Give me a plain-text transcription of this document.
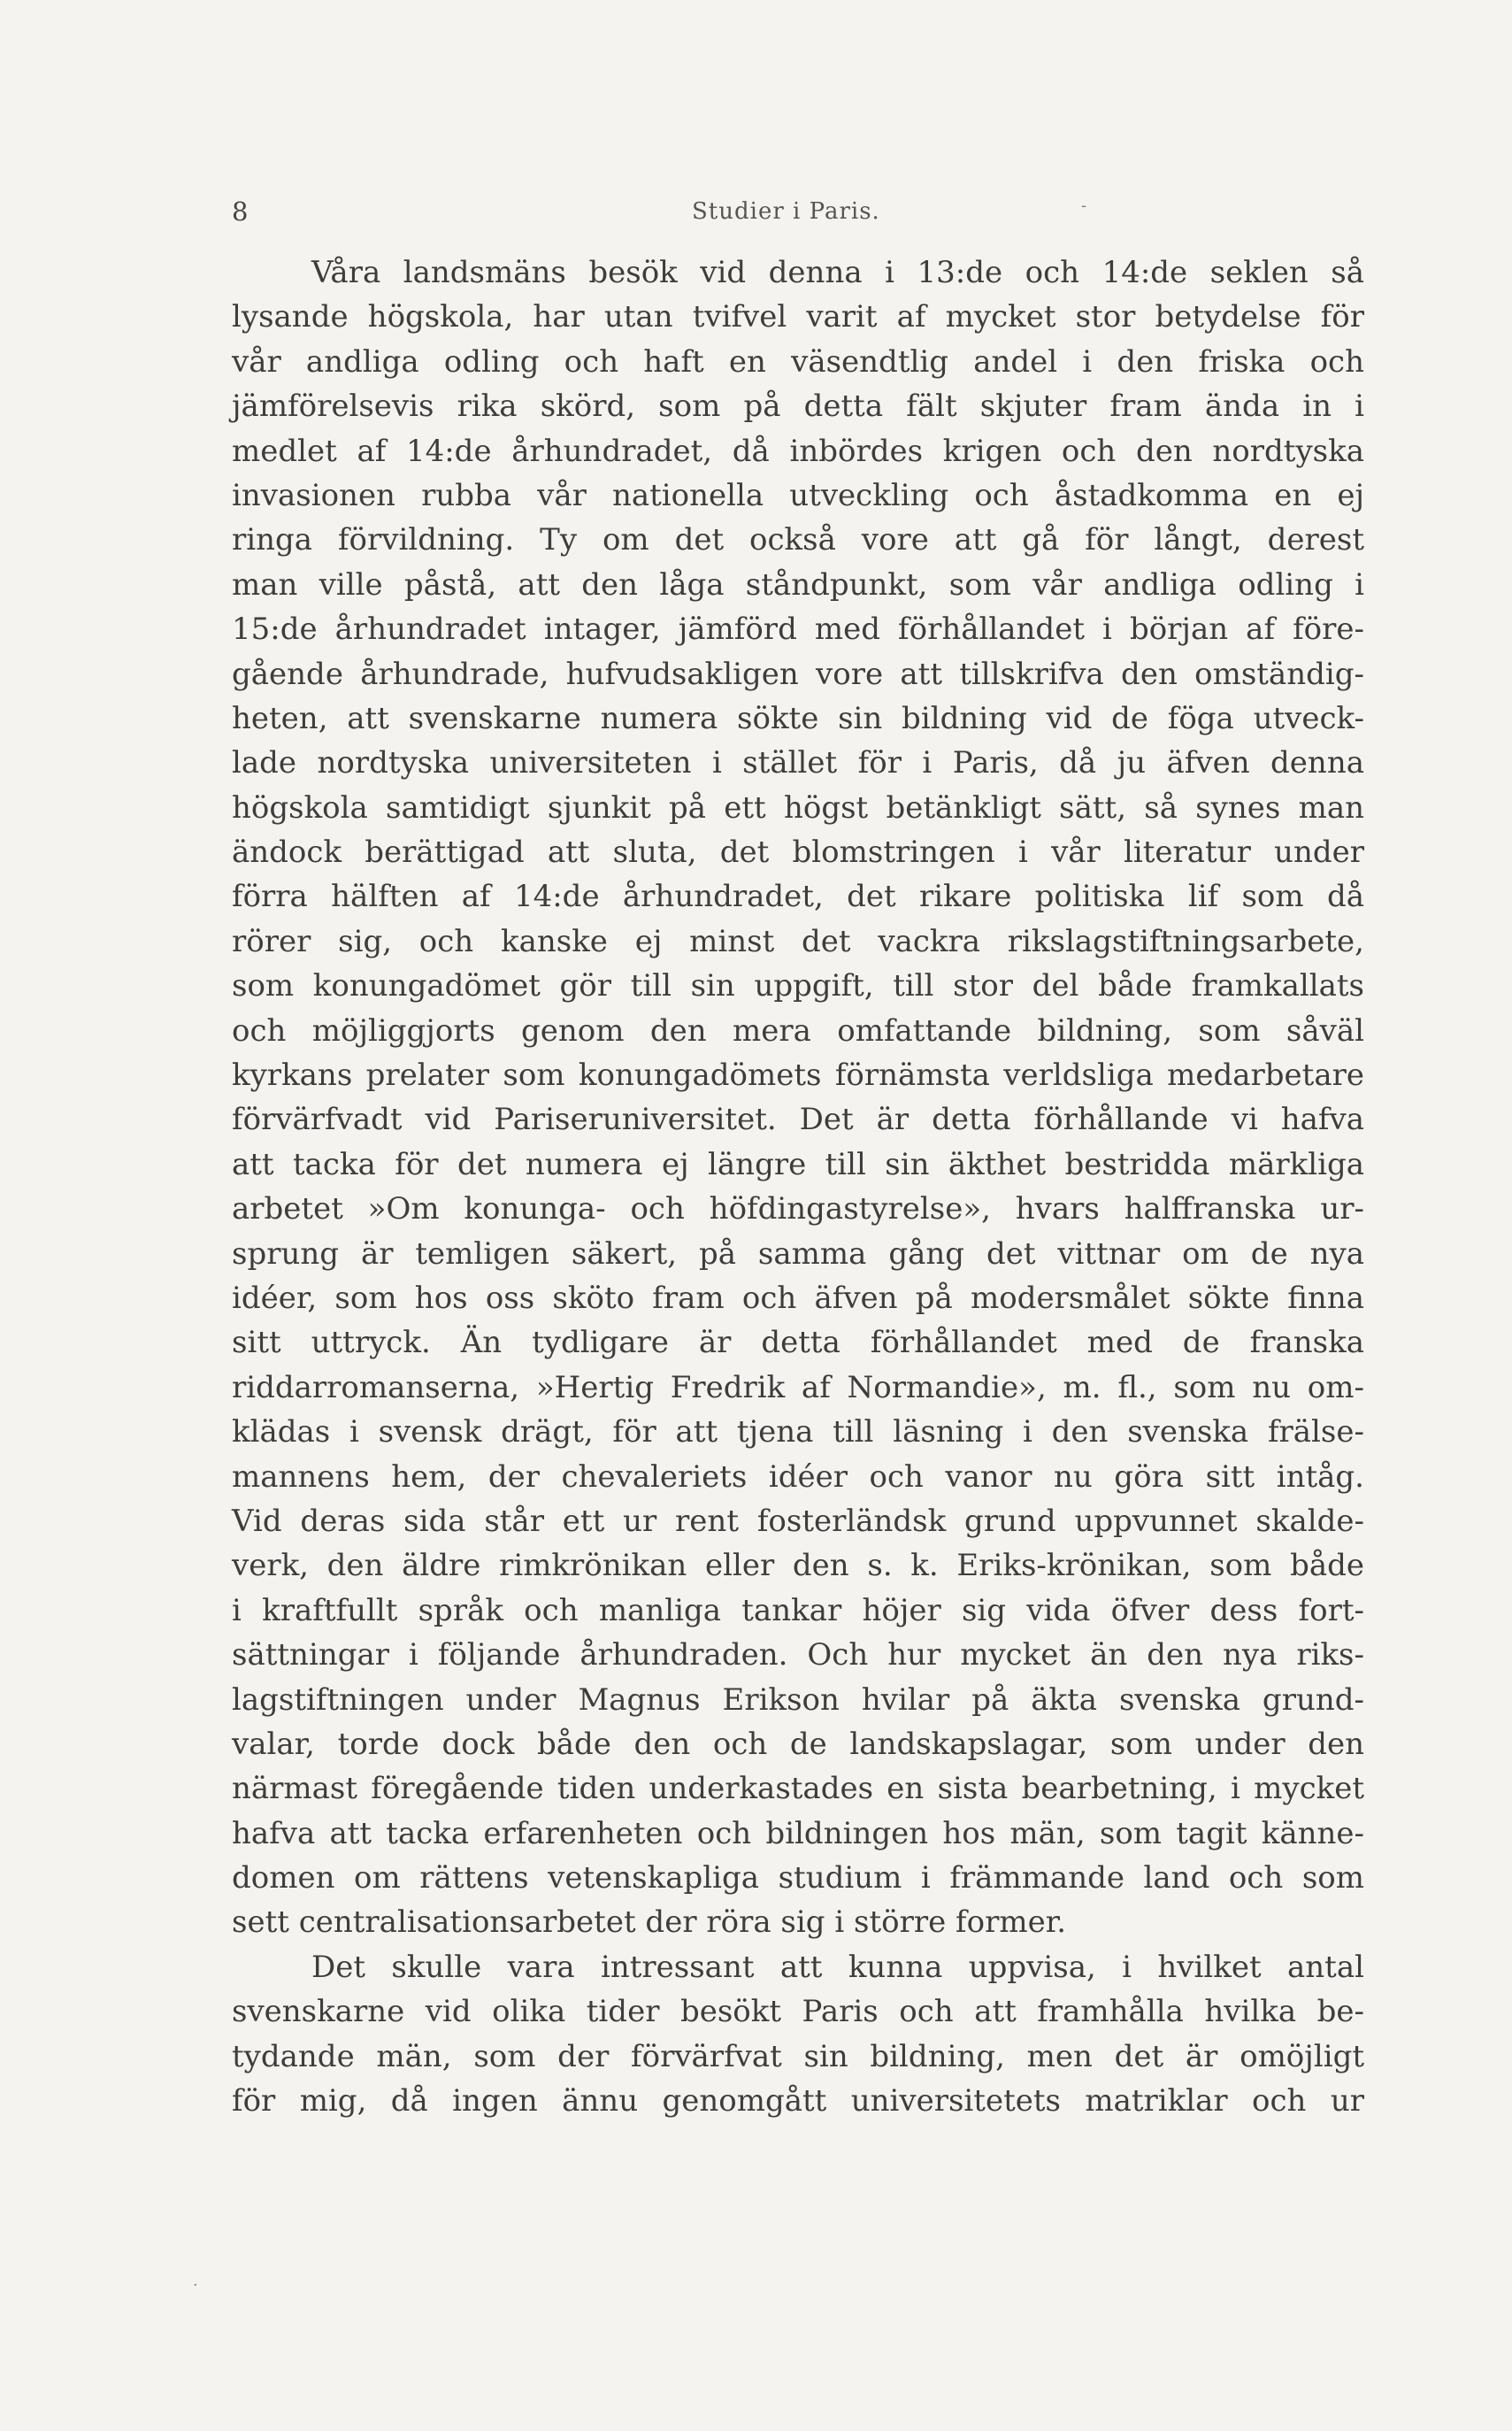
8	Studier i Paris.	-
Våra landsmäns besök vid denna i 13:de och 14:de seklen så
lysande högskola, har utan tvifvel varit af mycket stor betydelse för
vår andliga odling och haft en väsendtlig andel i den friska och
jämförelsevis rika skörd, som på detta fält skjuter fram ända in i
medlet af 14:de århundradet, då inbördes krigen och den nordtyska
invasionen rubba vår nationella utveckling och åstadkomma en ej
ringa förvildning. Ty om det också vore att gå för långt, derest
man ville påstå, att den låga ståndpunkt, som vår andliga odling i
15:de århundradet intager, jämförd med förhållandet i början af före-
gående århundrade, hufvudsakligen vore att tillskrifva den omständig-
heten, att svenskarne numera sökte sin bildning vid de föga utveck-
lade nordtyska universiteten i stället för i Paris, då ju äfven denna
högskola samtidigt sjunkit på ett högst betänkligt sätt, så synes man
ändock berättigad att sluta, det blomstringen i vår literatur under
förra hälften af 14:de århundradet, det rikare politiska lif som då
rörer sig, och kanske ej minst det vackra rikslagstiftningsarbete,
som konungadömet gör till sin uppgift, till stor del både framkallats
och möjliggjorts genom den mera omfattande bildning, som såväl
kyrkans prelater som konungadömets förnämsta verldsliga medarbetare
förvärfvadt vid Pariseruniversitet. Det är detta förhållande vi hafva
att tacka för det numera ej längre till sin äkthet bestridda märkliga
arbetet »Om konunga- och höfdingastyrelse», hvars halffranska ur-
sprung är temligen säkert, på samma gång det vittnar om de nya
idéer, som hos oss sköto fram och äfven på modersmålet sökte finna
sitt uttryck. Än tydligare är detta förhållandet med de franska
riddarromanserna, »Hertig Fredrik af Normandie», m. fl., som nu om-
klädas i svensk drägt, för att tjena till läsning i den svenska frälse-
mannens hem, der chevaleriets idéer och vanor nu göra sitt intåg.
Vid deras sida står ett ur rent fosterländsk grund uppvunnet skalde-
verk, den äldre rimkrönikan eller den s. k. Eriks-krönikan, som både
i kraftfullt språk och manliga tankar höjer sig vida öfver dess fort-
sättningar i följande århundraden. Och hur mycket än den nya riks-
lagstiftningen under Magnus Erikson hvilar på äkta svenska grund-
valar, torde dock både den och de landskapslagar, som under den
närmast föregående tiden underkastades en sista bearbetning, i mycket
hafva att tacka erfarenheten och bildningen hos män, som tagit känne-
domen om rättens vetenskapliga studium i främmande land och som
sett centralisationsarbetet der röra sig i större former.
Det skulle vara intressant att kunna uppvisa, i hvilket antal
svenskarne vid olika tider besökt Paris och att framhålla hvilka be-
tydande män, som der förvärfvat sin bildning, men det är omöjligt
för mig, då ingen ännu genomgått universitetets matriklar och ur
·
